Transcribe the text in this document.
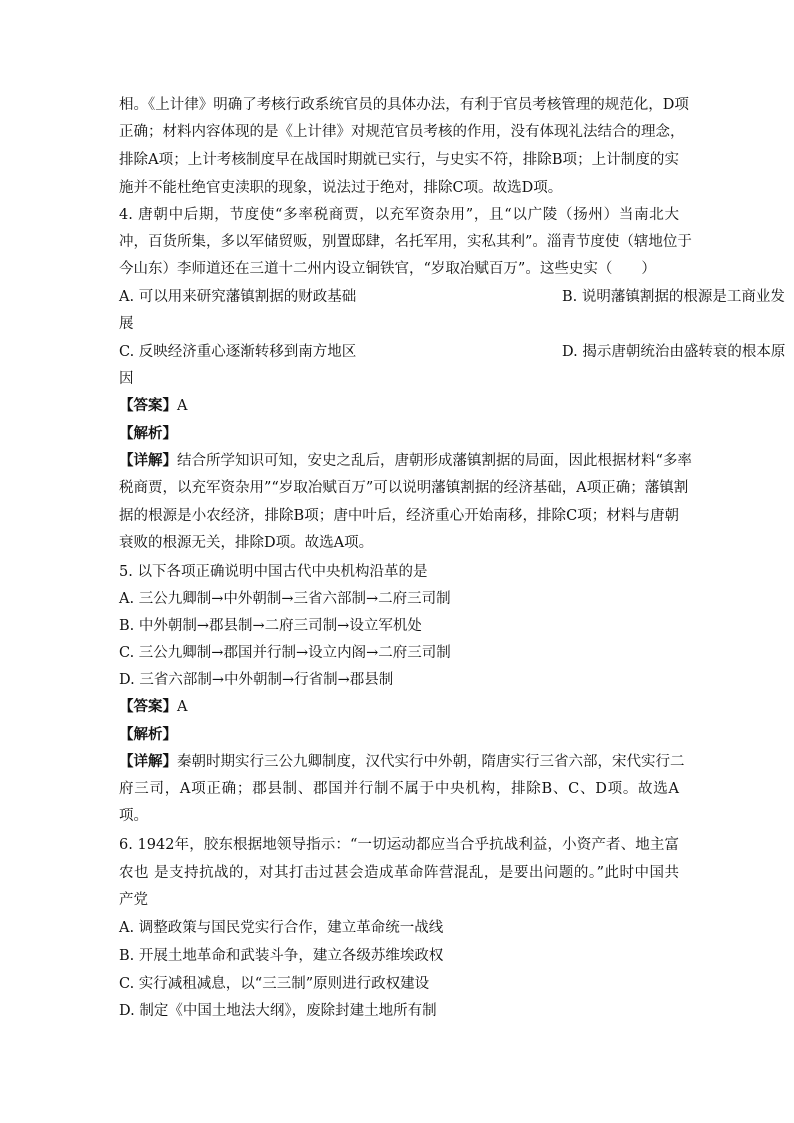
相。《上计律》明确了考核行政系统官员的具体办法，有利于官员考核管理的规范化，D项
正确；材料内容体现的是《上计律》对规范官员考核的作用，没有体现礼法结合的理念，
排除A项；上计考核制度早在战国时期就已实行，与史实不符，排除B项；上计制度的实
施并不能杜绝官吏渎职的现象，说法过于绝对，排除C项。故选D项。
4. 唐朝中后期，节度使“多率税商贾，以充军资杂用”，且“以广陵（扬州）当南北大
冲，百货所集，多以军储贸贩，别置邸肆，名托军用，实私其利”。淄青节度使（辖地位于
今山东）李师道还在三道十二州内设立铜铁官，“岁取冶赋百万”。这些史实（　　）
A. 可以用来研究藩镇割据的财政基础	B. 说明藩镇割据的根源是工商业发
展
C. 反映经济重心逐渐转移到南方地区	D. 揭示唐朝统治由盛转衰的根本原
因
【答案】A
【解析】
【详解】结合所学知识可知，安史之乱后，唐朝形成藩镇割据的局面，因此根据材料“多率
税商贾，以充军资杂用”“岁取冶赋百万”可以说明藩镇割据的经济基础，A项正确；藩镇割
据的根源是小农经济，排除B项；唐中叶后，经济重心开始南移，排除C项；材料与唐朝
衰败的根源无关，排除D项。故选A项。
5. 以下各项正确说明中国古代中央机构沿革的是
A. 三公九卿制→中外朝制→三省六部制→二府三司制
B. 中外朝制→郡县制→二府三司制→设立军机处
C. 三公九卿制→郡国并行制→设立内阁→二府三司制
D. 三省六部制→中外朝制→行省制→郡县制
【答案】A
【解析】
【详解】秦朝时期实行三公九卿制度，汉代实行中外朝，隋唐实行三省六部，宋代实行二
府三司，A项正确；郡县制、郡国并行制不属于中央机构，排除B、C、D项。故选A
项。
6. 1942年，胶东根据地领导指示：“一切运动都应当合乎抗战利益，小资产者、地主富
农也 是支持抗战的，对其打击过甚会造成革命阵营混乱，是要出问题的。”此时中国共
产党
A. 调整政策与国民党实行合作，建立革命统一战线
B. 开展土地革命和武装斗争，建立各级苏维埃政权
C. 实行减租减息，以“三三制”原则进行政权建设
D. 制定《中国土地法大纲》，废除封建土地所有制
